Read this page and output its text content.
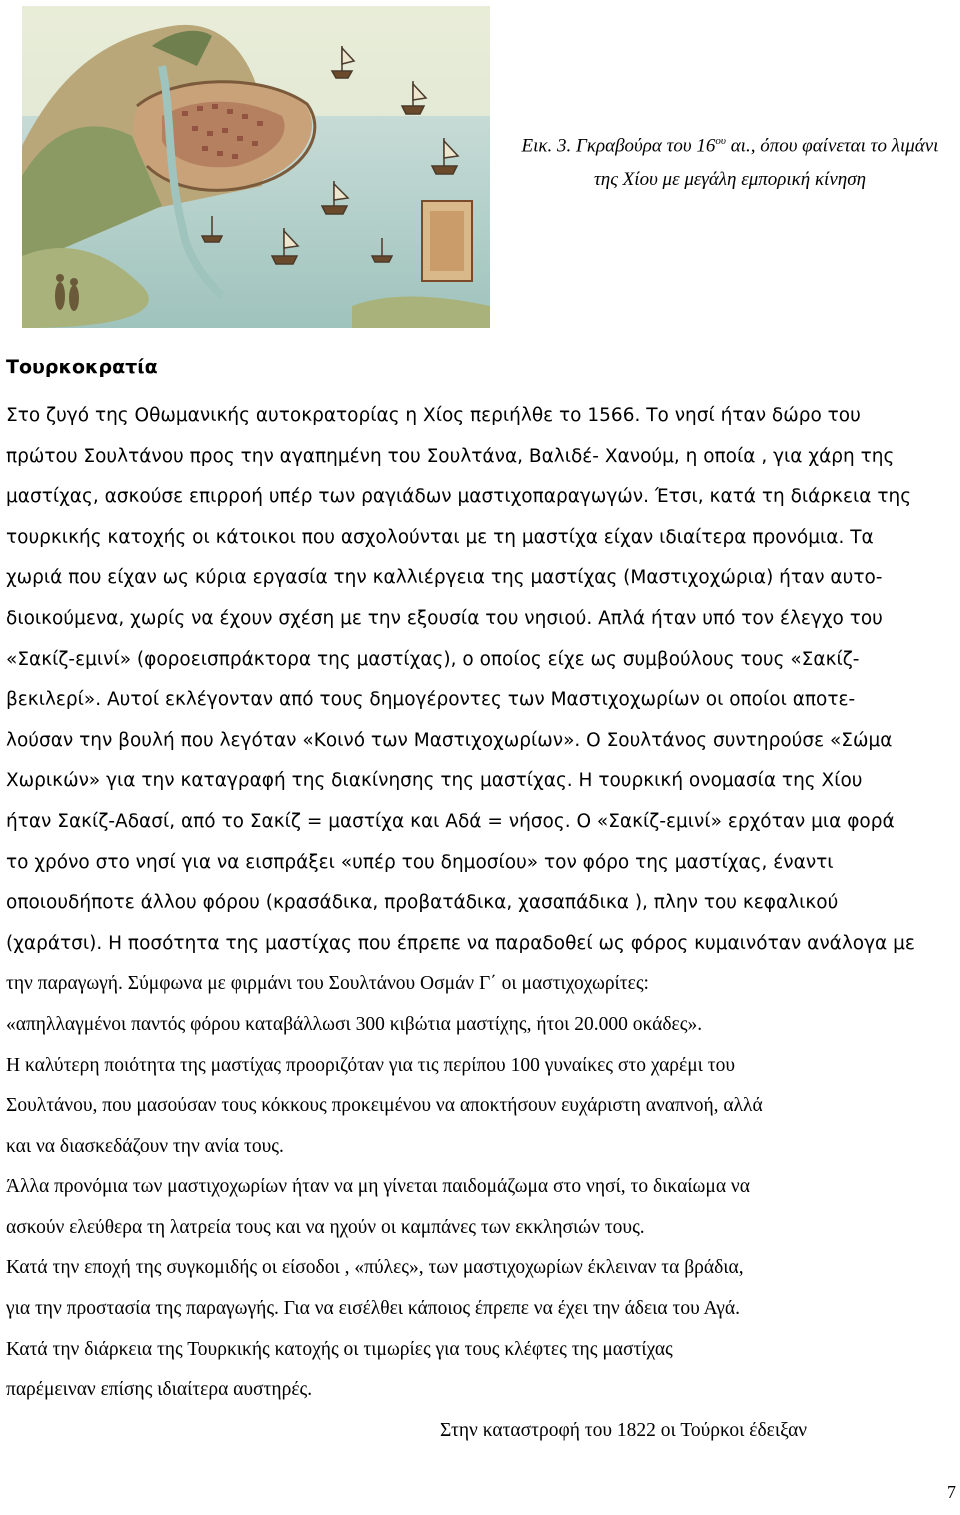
Εικ. 3. Γκραβούρα του $16^{o\upsilon}$ αι., όπου φαίνεται το λιμάνι

της Χίου με μεγάλη εμπορική κίνηση

Τουρκοκρατία
Στο ζυγό της Οθωμανικής αυτοκρατορίας η Χίος περιήλθε το 1566. Το νησί ήταν δώρο του
πρώτου Σουλτάνου προς την αγαπημένη του Σουλτάνα, Βαλιδέ- Χανούμ, η οποία , για χάρη της
μαστίχας, ασκούσε επιρροή υπέρ των ραγιάδων μαστιχοπαραγωγών. Έτσι, κατά τη διάρκεια της
τουρκικής κατοχής οι κάτοικοι που ασχολούνται με τη μαστίχα είχαν ιδιαίτερα προνόμια. Τα
χωριά που είχαν ως κύρια εργασία την καλλιέργεια της μαστίχας (Μαστιχοχώρια) ήταν αυτο-
διοικούμενα, χωρίς να έχουν σχέση με την εξουσία του νησιού. Απλά ήταν υπό τον έλεγχο του
«Σακίζ-εμινί» (φοροεισπράκτορα της μαστίχας), ο οποίος είχε ως συμβούλους τους «Σακίζ-
βεκιλερί». Αυτοί εκλέγονταν από τους δημογέροντες των Μαστιχοχωρίων οι οποίοι αποτε-
λούσαν την βουλή που λεγόταν «Κοινό των Μαστιχοχωρίων». Ο Σουλτάνος συντηρούσε «Σώμα
Χωρικών» για την καταγραφή της διακίνησης της μαστίχας. Η τουρκική ονομασία της Χίου
ήταν Σακίζ-Αδασί, από το Σακίζ = μαστίχα και Αδά = νήσος. Ο «Σακίζ-εμινί» ερχόταν μια φορά
το χρόνο στο νησί για να εισπράξει «υπέρ του δημοσίου» τον φόρο της μαστίχας, έναντι
οποιουδήποτε άλλου φόρου (κρασάδικα, προβατάδικα, χασαπάδικα ), πλην του κεφαλικού
(χαράτσι). Η ποσότητα της μαστίχας που έπρεπε να παραδοθεί ως φόρος κυμαινόταν ανάλογα με
την παραγωγή. Σύμφωνα με φιρμάνι του Σουλτάνου Οσμάν Γ΄ οι μαστιχοχωρίτες:
«απηλλαγμένοι παντός φόρου καταβάλλωσι 300 κιβώτια μαστίχης, ήτοι 20.000 οκάδες».
Η καλύτερη ποιότητα της μαστίχας προοριζόταν για τις περίπου 100 γυναίκες στο χαρέμι του
Σουλτάνου, που μασούσαν τους κόκκους προκειμένου να αποκτήσουν ευχάριστη αναπνοή, αλλά
και να διασκεδάζουν την ανία τους.
Άλλα προνόμια των μαστιχοχωρίων ήταν να μη γίνεται παιδομάζωμα στο νησί, το δικαίωμα να
ασκούν ελεύθερα τη λατρεία τους και να ηχούν οι καμπάνες των εκκλησιών τους.
Κατά την εποχή της συγκομιδής οι είσοδοι , «πύλες», των μαστιχοχωρίων έκλειναν τα βράδια,
για την προστασία της παραγωγής. Για να εισέλθει κάποιος έπρεπε να έχει την άδεια του Αγά.
Κατά την διάρκεια της Τουρκικής κατοχής οι τιμωρίες για τους κλέφτες της μαστίχας
παρέμειναν επίσης ιδιαίτερα αυστηρές.
Στην καταστροφή του 1822 οι Τούρκοι έδειξαν
7
